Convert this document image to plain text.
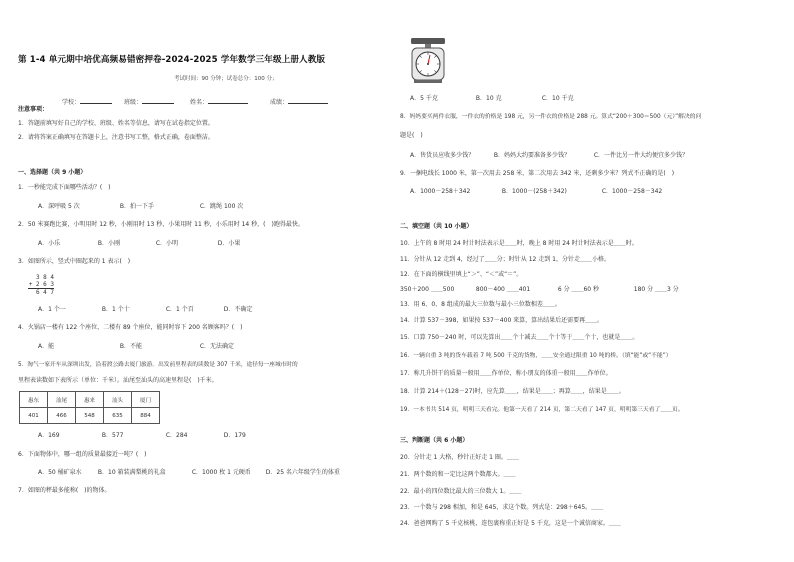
第 1-4 单元期中培优高频易错密押卷-2024-2025 学年数学三年级上册人教版
考试时间：90 分钟；试卷总分：100 分；
学校：	班级：	姓名：	成绩：
注意事项：
1．答题前填写好自己的学校、班级、姓名等信息，请写在试卷指定位置。
2．请将答案正确填写在答题卡上，注意书写工整，格式正确，卷面整洁。
一、选择题（共 9 小题）
1．一秒能完成下面哪些活动？(　)
A．深呼吸 5 次	B．拍一下手	C．跳绳 100 次
2．50 米赛跑比赛，小明用时 12 秒，小刚用时 13 秒，小果用时 11 秒，小乐用时 14 秒，(　)跑得最快。
A．小乐	B．小刚	C．小明	D．小果
3．如图所示，竖式中圈起来的 1 表示(　)
3 8 4
+ 2 6 3
6 4 7
A．1 个一	B．1 个十	C．1 个百	D．不确定
4．火锅店一楼有 122 个座位，二楼有 89 个座位，能同时容下 200 名顾客吗？(　)
A．能	B．不能	C．无法确定
5．淘气一家开车从深圳出发，沿着渡公路去厦门旅游。出发前里程表的读数是 307 千米，途径每一座城市时的
里程表读数如下表所示（单位：千米）。汕尾至汕头的高速里程是(　)千米。
惠东	汕尾	惠来	汕头	厦门
401	466	548	635	884
A．169	B．577	C．284	D．179
6．下面物体中，哪一组的质量最接近一吨？(　)
A．50 桶矿泉水	B．10 箱装满梨桃的礼盒	C．1000 枚 1 元硬币 D．25 名六年级学生的体重
7．如图的秤最多能称(　)的物体。
A．5 千克	B．10 克	C．10 千克
8．妈妈要买两件衣服，一件衣的价格是 198 元，另一件衣的价格是 288 元。算式“200＋300＝500（元）”解决的问
题是(　)
A．售货员应收多少钱？	B．妈妈大约要准备多少钱？	C．一件比另一件大约便宜多少钱？
9．一捆电线长 1000 米，第一次用去 258 米，第二次用去 342 米，还剩多少米？列式不正确的是(　)
A．1000－258＋342	B．1000－(258＋342)	C．1000－258－342
二、填空题（共 10 小题）
10．上午的 8 时用 24 时计时法表示是＿＿时，晚上 8 时用 24 时计时法表示是＿＿时。
11．分针从 12 走到 4，经过了＿＿分；时针从 12 走到 1，分针走＿＿小格。
12．在下面的横线里填上“＞”、“＜”或“＝”。
350＋200 ＿＿500	800－400 ＿＿401	6 分 ＿＿60 秒	180 分 ＿＿3 分
13．用 6、0、8 组成的最大三位数与最小三位数相差＿＿。
14．计算 537－398，如果按 537－400 来算，算出结果后还需要再＿＿。
15．口算 750－240 时，可以先算出＿＿个十减去＿＿个十等于＿＿个十，也就是＿＿。
16．一辆自重 3 吨的货车载着 7 吨 500 千克的货物，＿＿安全通过限重 10 吨的桥。（填“能”或“不能”）
17．称几升饼干的质量一般用＿＿作单位，称小朋友的体重一般用＿＿作单位。
18．计算 214＋(128－27)时，应先算＿＿，结果是＿＿；再算＿＿，结果是＿＿。
19．一本书共 514 页，明明三天看完。他第一天看了 214 页，第二天看了 147 页，明明第三天看了＿＿页。
三、判断题（共 6 小题）
20．分针走 1 大格，秒针正好走 1 圈。＿＿
21．两个数的和一定比这两个数都大。＿＿
22．最小的四位数比最大的三位数大 1。＿＿
23．一个数与 298 相加，和是 645，求这个数。列式是：298＋645。＿＿
24．爸爸网购了 5 千克核桃，连包裹称重正好是 5 千克，这是一个诚信商家。＿＿
